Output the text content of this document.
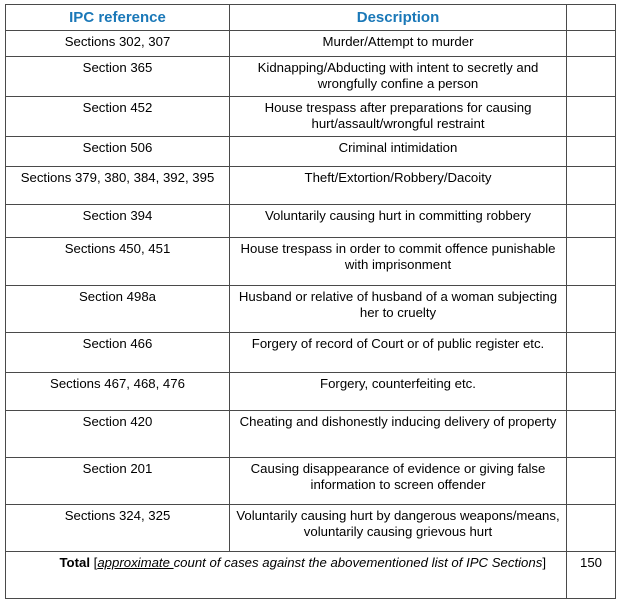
IPC reference	Description	
Sections 302, 307	Murder/Attempt to murder	
Section 365	Kidnapping/Abducting with intent to secretly and wrongfully confine a person	
Section 452	House trespass after preparations for causing hurt/assault/wrongful restraint	
Section 506	Criminal intimidation	
Sections 379, 380, 384, 392, 395	Theft/Extortion/Robbery/Dacoity	
Section 394	Voluntarily causing hurt in committing robbery	
Sections 450, 451	House trespass in order to commit offence punishable with imprisonment	
Section 498a	Husband or relative of husband of a woman subjecting her to cruelty	
Section 466	Forgery of record of Court or of public register etc.	
Sections 467, 468, 476	Forgery, counterfeiting etc.	
Section 420	Cheating and dishonestly inducing delivery of property	
Section 201	Causing disappearance of evidence or giving false information to screen offender	
Sections 324, 325	Voluntarily causing hurt by dangerous weapons/means, voluntarily causing grievous hurt	
Total [approximate count of cases against the abovementioned list of IPC Sections]		150
